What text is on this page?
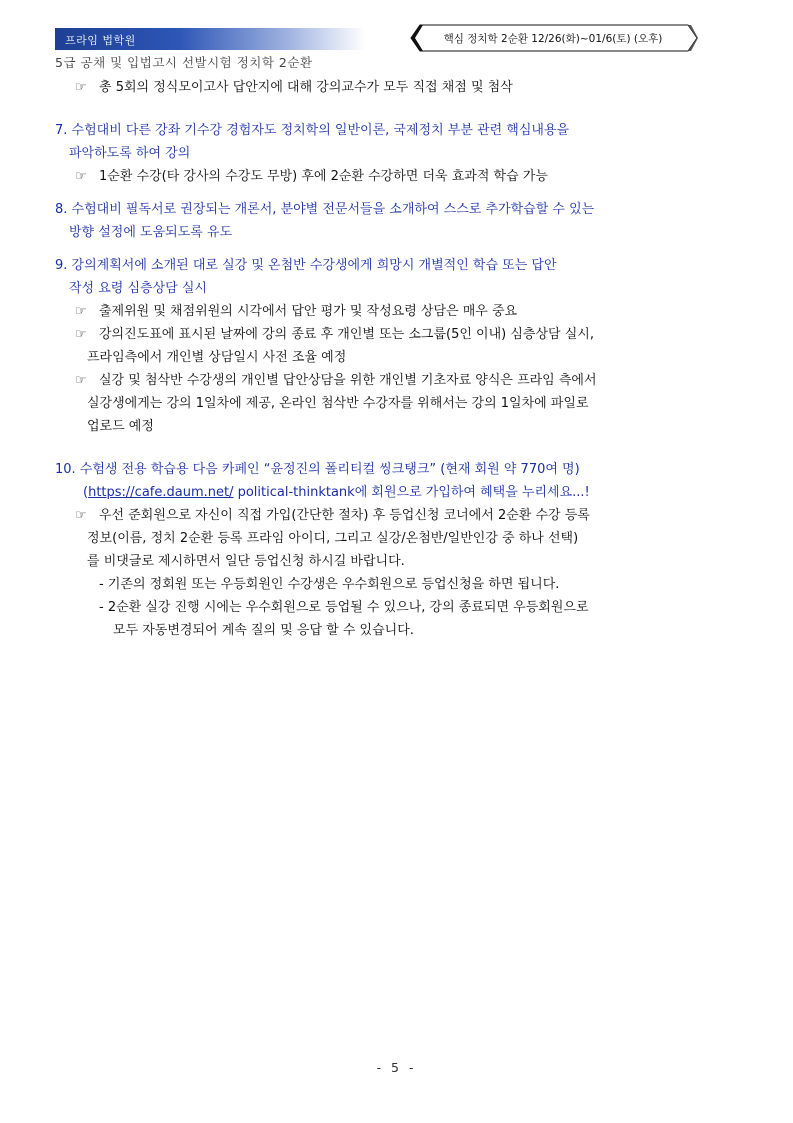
프라임 법학원	핵심 정치학 2순환 12/26(화)~01/6(토) (오후)
5급 공채 및 입법고시 선발시험 정치학 2순환
☞ 총 5회의 정식모이고사 답안지에 대해 강의교수가 모두 직접 채점 및 첨삭
7. 수험대비 다른 강좌 기수강 경험자도 정치학의 일반이론, 국제정치 부분 관련 핵심내용을
파악하도록 하여 강의
☞ 1순환 수강(타 강사의 수강도 무방) 후에 2순환 수강하면 더욱 효과적 학습 가능
8. 수험대비 필독서로 권장되는 개론서, 분야별 전문서들을 소개하여 스스로 추가학습할 수 있는
방향 설정에 도움되도록 유도
9. 강의계획서에 소개된 대로 실강 및 온첨반 수강생에게 희망시 개별적인 학습 또는 답안
작성 요령 심층상담 실시
☞ 출제위원 및 채점위원의 시각에서 답안 평가 및 작성요령 상담은 매우 중요
☞ 강의진도표에 표시된 날짜에 강의 종료 후 개인별 또는 소그룹(5인 이내) 심층상담 실시,
프라임측에서 개인별 상담일시 사전 조율 예정
☞ 실강 및 첨삭반 수강생의 개인별 답안상담을 위한 개인별 기초자료 양식은 프라임 측에서
실강생에게는 강의 1일차에 제공, 온라인 첨삭반 수강자를 위해서는 강의 1일차에 파일로
업로드 예정
10. 수험생 전용 학습용 다음 카페인 “윤정진의 폴리티컬 씽크탱크” (현재 회원 약 770여 명)
(https://cafe.daum.net/ political-thinktank에 회원으로 가입하여 혜택을 누리세요...!
☞ 우선 준회원으로 자신이 직접 가입(간단한 절차) 후 등업신청 코너에서 2순환 수강 등록
정보(이름, 정치 2순환 등록 프라임 아이디, 그리고 실강/온첨반/일반인강 중 하나 선택)
를 비댓글로 제시하면서 일단 등업신청 하시길 바랍니다.
- 기존의 정회원 또는 우등회원인 수강생은 우수회원으로 등업신청을 하면 됩니다.
- 2순환 실강 진행 시에는 우수회원으로 등업될 수 있으나, 강의 종료되면 우등회원으로
모두 자동변경되어 계속 질의 및 응답 할 수 있습니다.
- 5 -
